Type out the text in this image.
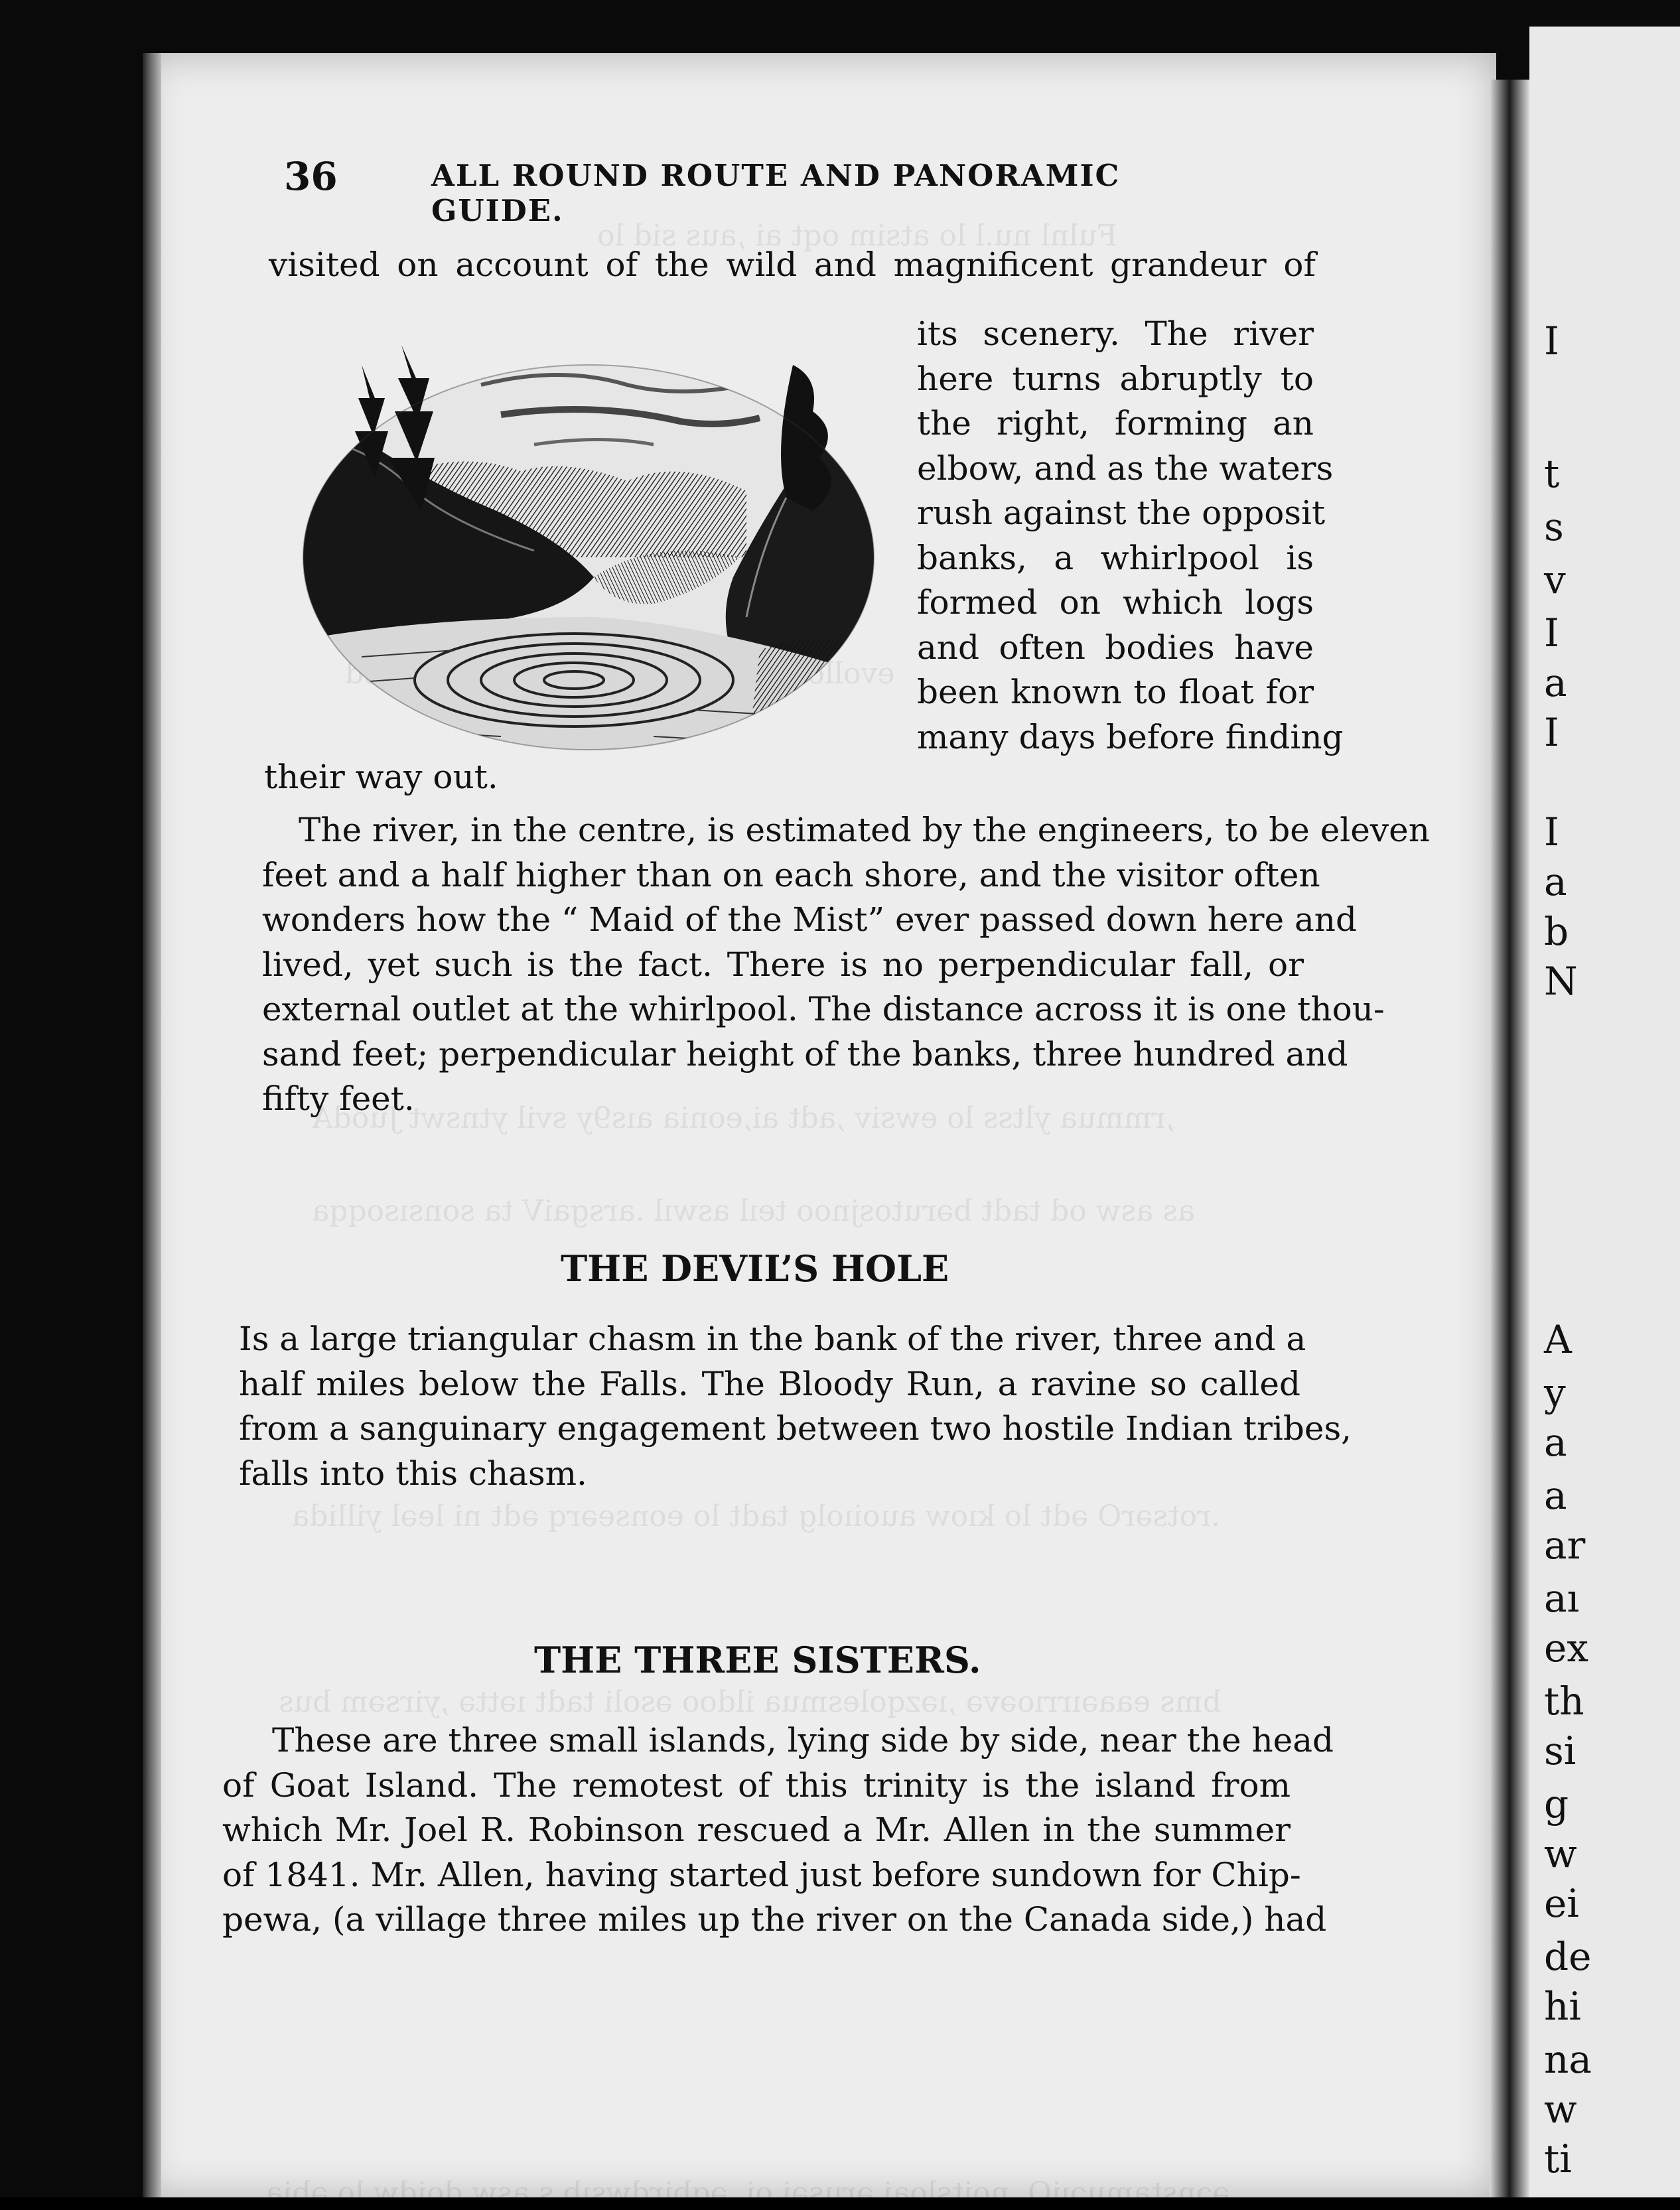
36	ALL ROUND ROUTE AND PANORAMIC GUIDE.
visited on account of the wild and magnificent grandeur of
its scenery. The river
here turns abruptly to
the right, forming an
elbow, and as the waters
rush against the opposit
banks, a whirlpool is
formed on which logs
and often bodies have
been known to float for
many days before finding
their way out.
The river, in the centre, is estimated by the engineers, to be eleven
feet and a half higher than on each shore, and the visitor often
wonders how the “ Maid of the Mist” ever passed down here and
lived, yet such is the fact. There is no perpendicular fall, or
external outlet at the whirlpool. The distance across it is one thou-
sand feet; perpendicular height of the banks, three hundred and
fifty feet.
THE DEVIL’S HOLE
Is a large triangular chasm in the bank of the river, three and a
half miles below the Falls. The Bloody Run, a ravine so called
from a sanguinary engagement between two hostile Indian tribes,
falls into this chasm.
THE THREE SISTERS.
These are three small islands, lying side by side, near the head
of Goat Island. The remotest of this trinity is the island from
which Mr. Joel R. Robinson rescued a Mr. Allen in the summer
of 1841. Mr. Allen, having started just before sundown for Chip-
pewa, (a village three miles up the river on the Canada side,) had
I
t
s
v
I
a
I
I
a
b
N
A
y
a
a
ar
aı
ex
th
si
g
w
ei
de
hi
na
w
ti
